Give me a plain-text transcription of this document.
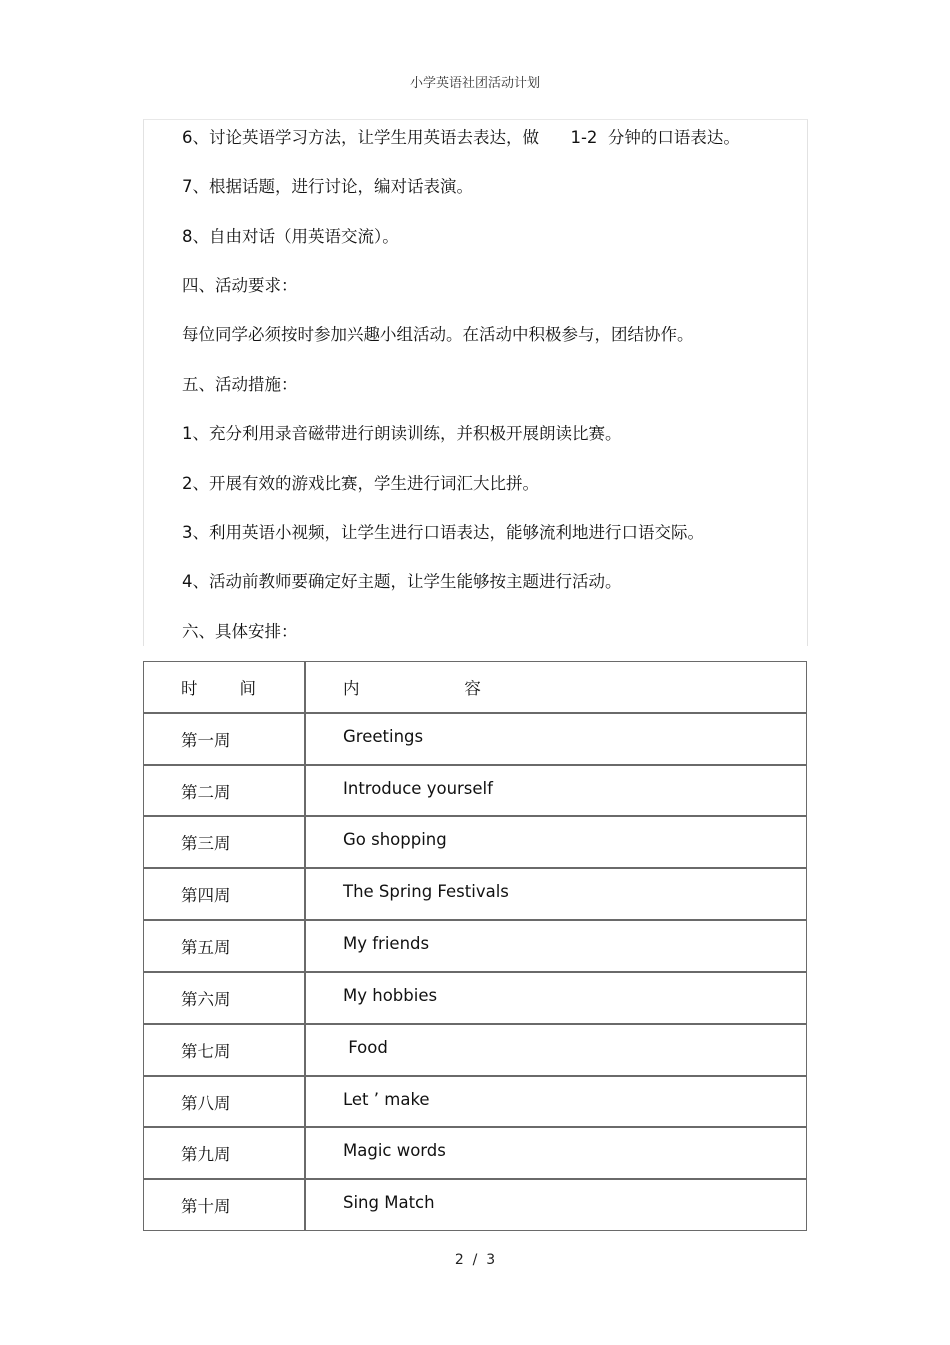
小学英语社团活动计划
6、讨论英语学习方法，让学生用英语去表达，做      1-2  分钟的口语表达。
7、根据话题，进行讨论，编对话表演。
8、自由对话（用英语交流）。
四、活动要求：
每位同学必须按时参加兴趣小组活动。在活动中积极参与，团结协作。
五、活动措施：
1、充分利用录音磁带进行朗读训练，并积极开展朗读比赛。
2、开展有效的游戏比赛，学生进行词汇大比拼。
3、利用英语小视频，让学生进行口语表达，能够流利地进行口语交际。
4、活动前教师要确定好主题，让学生能够按主题进行活动。
六、具体安排：
时        间	内                    容

第一周	Greetings

第二周	Introduce yourself

第三周	Go shopping

第四周	The Spring Festivals

第五周	My friends

第六周	My hobbies

第七周	Food

第八周	Let ’ make

第九周	Magic words

第十周	Sing Match
2  /  3
